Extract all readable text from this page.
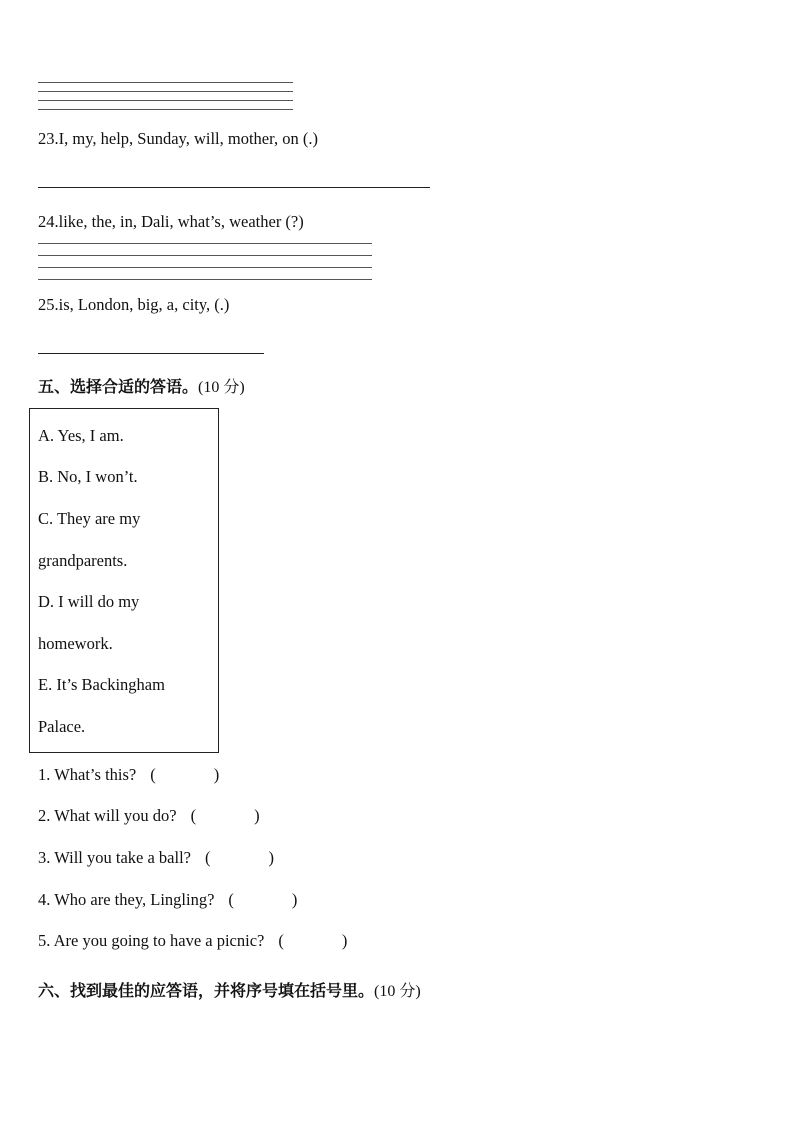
23.I, my, help, Sunday, will, mother, on (.)
24.like, the, in, Dali, what’s, weather (?)
25.is, London, big, a, city, (.)
五、选择合适的答语。(10 分)
A. Yes, I am.
B. No, I won’t.
C. They are my
grandparents.
D. I will do my
homework.
E. It’s Backingham
Palace.
1. What’s this? (	)
2. What will you do? (	)
3. Will you take a ball? (	)
4. Who are they, Lingling? (	)
5. Are you going to have a picnic? (	)
六、找到最佳的应答语，并将序号填在括号里。(10 分)
